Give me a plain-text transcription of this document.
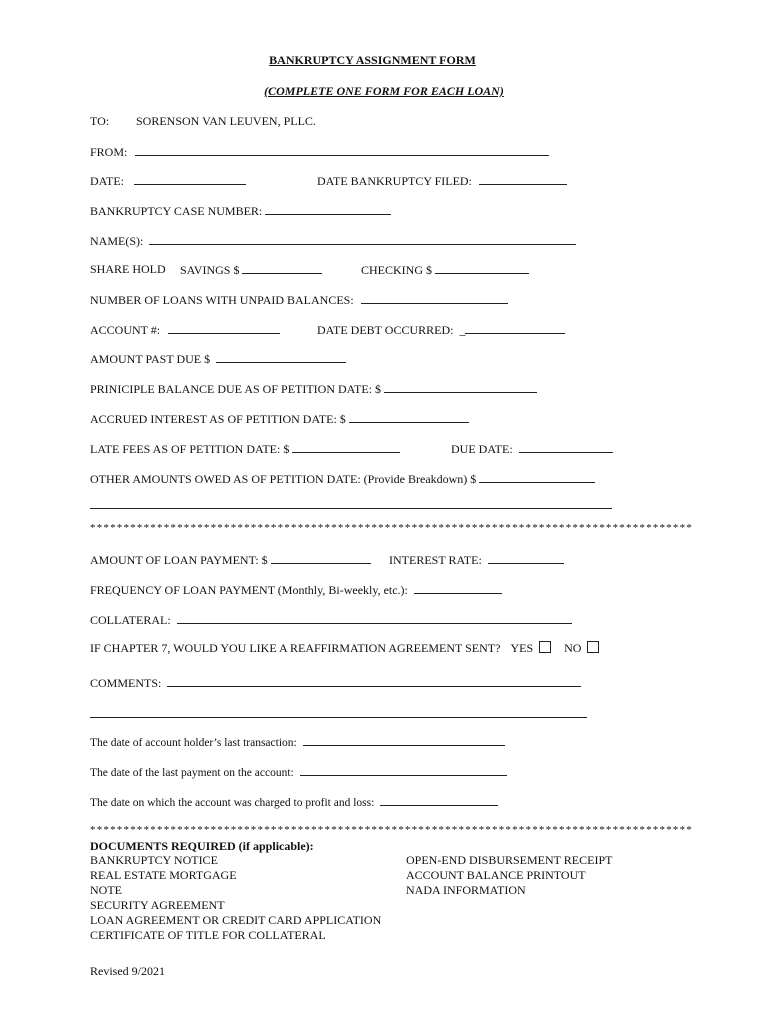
BANKRUPTCY ASSIGNMENT FORM
(COMPLETE ONE FORM FOR EACH LOAN)
TO: SORENSON VAN LEUVEN, PLLC.
FROM:
DATE:	DATE BANKRUPTCY FILED:
BANKRUPTCY CASE NUMBER:
NAME(S):
SHARE HOLD SAVINGS $	CHECKING $
NUMBER OF LOANS WITH UNPAID BALANCES:
ACCOUNT #:	DATE DEBT OCCURRED: _
AMOUNT PAST DUE $
PRINICIPLE BALANCE DUE AS OF PETITION DATE: $
ACCRUED INTEREST AS OF PETITION DATE: $
LATE FEES AS OF PETITION DATE: $	DUE DATE:
OTHER AMOUNTS OWED AS OF PETITION DATE: (Provide Breakdown) $
******************************************************************************************
AMOUNT OF LOAN PAYMENT: $	INTEREST RATE:
FREQUENCY OF LOAN PAYMENT (Monthly, Bi-weekly, etc.):
COLLATERAL:
IF CHAPTER 7, WOULD YOU LIKE A REAFFIRMATION AGREEMENT SENT? YES	NO
COMMENTS:
The date of account holder’s last transaction:
The date of the last payment on the account:
The date on which the account was charged to profit and loss:
******************************************************************************************
DOCUMENTS REQUIRED (if applicable):
BANKRUPTCY NOTICE
REAL ESTATE MORTGAGE
NOTE
SECURITY AGREEMENT
LOAN AGREEMENT OR CREDIT CARD APPLICATION
CERTIFICATE OF TITLE FOR COLLATERAL
OPEN-END DISBURSEMENT RECEIPT
ACCOUNT BALANCE PRINTOUT
NADA INFORMATION
Revised 9/2021
